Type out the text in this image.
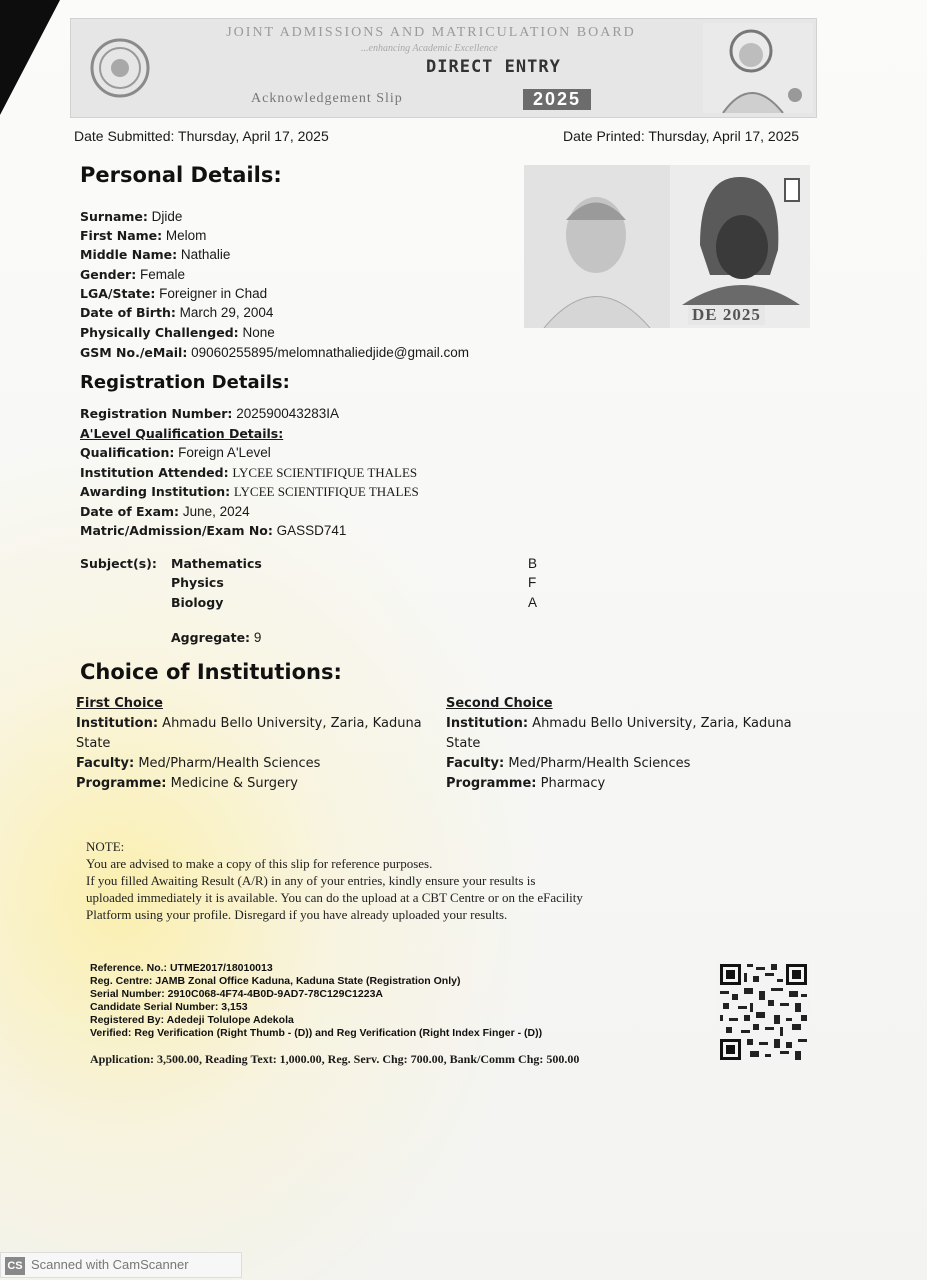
JOINT ADMISSIONS AND MATRICULATION BOARD
...enhancing Academic Excellence
DIRECT ENTRY
Acknowledgement Slip	2025
Date Submitted: Thursday, April 17, 2025	Date Printed: Thursday, April 17, 2025
Personal Details:
Surname: Djide
First Name: Melom
Middle Name: Nathalie
Gender: Female
LGA/State: Foreigner in Chad
Date of Birth: March 29, 2004
Physically Challenged: None
GSM No./eMail: 09060255895/melomnathaliedjide@gmail.com
DE 2025
Registration Details:
Registration Number: 202590043283IA
A'Level Qualification Details:
Qualification: Foreign A'Level
Institution Attended: LYCEE SCIENTIFIQUE THALES
Awarding Institution: LYCEE SCIENTIFIQUE THALES
Date of Exam: June, 2024
Matric/Admission/Exam No: GASSD741
Subject(s): Mathematics	B
Physics	F
Biology	A
Aggregate: 9
Choice of Institutions:
First Choice
Institution: Ahmadu Bello University, Zaria, Kaduna
State
Faculty: Med/Pharm/Health Sciences
Programme: Medicine & Surgery
Second Choice
Institution: Ahmadu Bello University, Zaria, Kaduna
State
Faculty: Med/Pharm/Health Sciences
Programme: Pharmacy
NOTE:
You are advised to make a copy of this slip for reference purposes.
If you filled Awaiting Result (A/R) in any of your entries, kindly ensure your results is
uploaded immediately it is available. You can do the upload at a CBT Centre or on the eFacility
Platform using your profile. Disregard if you have already uploaded your results.
Reference. No.: UTME2017/18010013
Reg. Centre: JAMB Zonal Office Kaduna, Kaduna State (Registration Only)
Serial Number: 2910C068-4F74-4B0D-9AD7-78C129C1223A
Candidate Serial Number: 3,153
Registered By: Adedeji Tolulope Adekola
Verified: Reg Verification (Right Thumb - (D)) and Reg Verification (Right Index Finger - (D))
Application: 3,500.00, Reading Text: 1,000.00, Reg. Serv. Chg: 700.00, Bank/Comm Chg: 500.00
CS Scanned with CamScanner
